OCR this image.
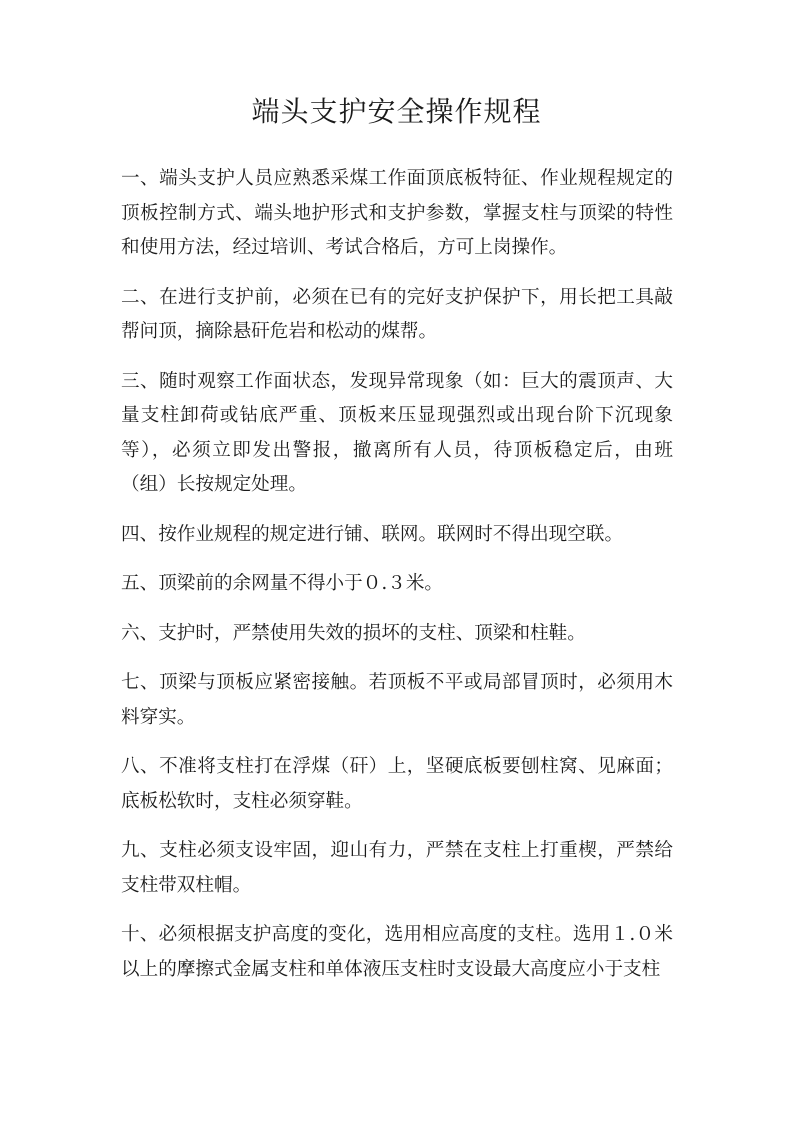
端头支护安全操作规程

一、端头支护人员应熟悉采煤工作面顶底板特征、作业规程规定的顶板控制方式、端头地护形式和支护参数，掌握支柱与顶梁的特性和使用方法，经过培训、考试合格后，方可上岗操作。

二、在进行支护前，必须在已有的完好支护保护下，用长把工具敲帮问顶，摘除悬矸危岩和松动的煤帮。

三、随时观察工作面状态，发现异常现象（如：巨大的震顶声、大量支柱卸荷或钻底严重、顶板来压显现强烈或出现台阶下沉现象等），必须立即发出警报，撤离所有人员，待顶板稳定后，由班（组）长按规定处理。

四、按作业规程的规定进行铺、联网。联网时不得出现空联。

五、顶梁前的余网量不得小于０.３米。

六、支护时，严禁使用失效的损坏的支柱、顶梁和柱鞋。

七、顶梁与顶板应紧密接触。若顶板不平或局部冒顶时，必须用木料穿实。

八、不准将支柱打在浮煤（矸）上，坚硬底板要刨柱窝、见麻面；底板松软时，支柱必须穿鞋。

九、支柱必须支设牢固，迎山有力，严禁在支柱上打重楔，严禁给支柱带双柱帽。

十、必须根据支护高度的变化，选用相应高度的支柱。选用１.０米以上的摩擦式金属支柱和单体液压支柱时支设最大高度应小于支柱
